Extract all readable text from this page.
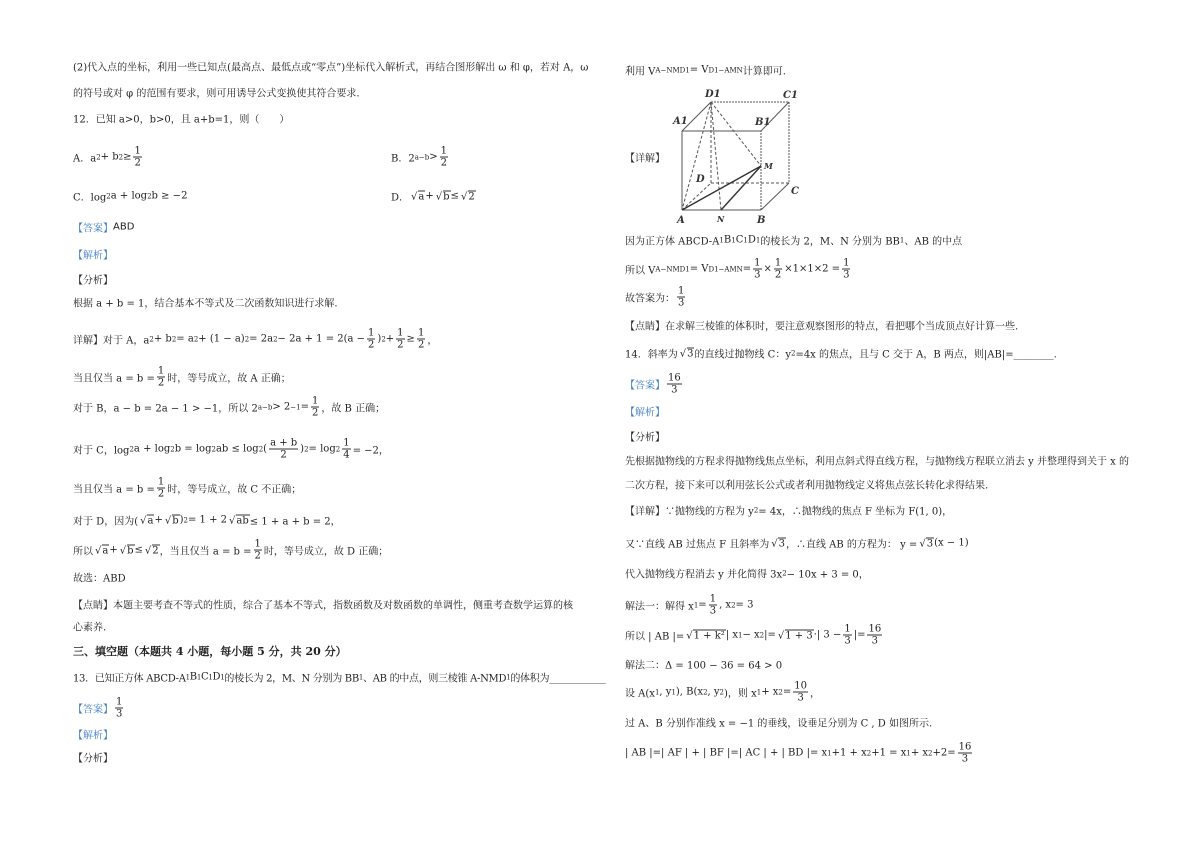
(2)代入点的坐标，利用一些已知点(最高点、最低点或“零点”)坐标代入解析式，再结合图形解出 ω 和 φ，若对 A，ω
的符号或对 φ 的范围有要求，则可用诱导公式变换使其符合要求.
12．已知 a>0，b>0，且 a+b=1，则（　　）
A．a 2 + b $2 \ge \frac{1}{2}$	B．2 $a-b > \frac{1}{2}$
C．log 2 a + log 2 b ≥ −2	D． √ a + √ b ≤ √ 2
【答案】 ABD
【解析】
【分析】
根据 a + b = 1，结合基本不等式及二次函数知识进行求解.
详解】对于 A，a 2 + b 2 = a 2 + (1 − a) 2 = 2a $2 - 2a + 1 = 2(a - \frac{1}{2}$ ) $2 + \frac{1}{2} \ge \frac{1}{2}$ ，
当且仅当 $a = b = \frac{1}{2}$ 时，等号成立，故 A 正确；
对于 B，a − b = 2a − 1 > −1，所以 2 $a-b > 2 -1 = \frac{1}{2}$ ，故 B 正确；
对于 C，log 2 a + log 2 b = log 2 ab ≤ log 2 ( $\frac{a + b}{2}$ ) $2 = \log 2 \frac{1}{4} = -2$，
当且仅当 $a = b = \frac{1}{2}$ 时，等号成立，故 C 不正确；
对于 D，因为( √ a + √ b ) 2 = 1 + 2 √ ab ≤ 1 + a + b = 2，
所以 √ a + √ b ≤ √ 2 ，当且仅当 $a = b = \frac{1}{2}$ 时，等号成立，故 D 正确；
故选：ABD
【点睛】本题主要考查不等式的性质，综合了基本不等式，指数函数及对数函数的单调性，侧重考查数学运算的核
心素养.
三、填空题（本题共 4 小题，每小题 5 分，共 20 分）
13．已知正方体 ABCD-A 1 B 1 C 1 D 1 的棱长为 2，M、N 分别为 BB 1 、AB 的中点，则三棱锥 A-NMD 1 的体积为____________
【答案】 $\frac{1}{3}$
【解析】
【分析】
利用 V A−NMD1 = V D1−AMN 计算即可.
【详解】
因为正方体 ABCD-A 1 B 1 C 1 D 1 的棱长为 2，M、N 分别为 BB 1 、AB 的中点
所以 V A−NMD1 = V $D1-AMN = \frac{1}{3} \times \frac{1}{2} \times 1\times 1\times 2 = \frac{1}{3}$
故答案为： $\frac{1}{3}$
【点睛】在求解三棱锥的体积时，要注意观察图形的特点，看把哪个当成顶点好计算一些.
14．斜率为 √ 3 的直线过抛物线 C：y 2 =4x 的焦点，且与 C 交于 A，B 两点，则|AB|=________.
【答案】 $\frac{16}{3}$
【解析】
【分析】
先根据抛物线的方程求得抛物线焦点坐标，利用点斜式得直线方程，与抛物线方程联立消去 y 并整理得到关于 x 的
二次方程，接下来可以利用弦长公式或者利用抛物线定义将焦点弦长转化求得结果.
【详解】∵抛物线的方程为 y 2 = 4x，∴抛物线的焦点 F 坐标为 F(1, 0)，
又∵直线 AB 过焦点 F 且斜率为 √ 3 ，∴直线 AB 的方程为： y = √ 3 (x − 1)
代入抛物线方程消去 y 并化简得 3x 2 − 10x + 3 = 0，
解法一：解得 x $1 = \frac{1}{3}$ , x 2 = 3
所以 | AB |= √ 1 + k² | x 1 − x 2 |= √ 1 + 3 ·| $3 - \frac{1}{3}$ |= $\frac{16}{3}$
解法二：Δ = 100 − 36 = 64 > 0
设 A(x 1 , y 1 ), B(x 2 , y 2 )，则 x 1 + x $2 = \frac{10}{3}$ ，
过 A、B 分别作准线 x = −1 的垂线，设垂足分别为 C , D 如图所示.
| AB |=| AF | + | BF |=| AC | + | BD |= x 1 +1 + x 2 +1 = x 1 + x $2 +2= \frac{16}{3}$
A	B
C
D
A1	B1
C1
D1
M
N
